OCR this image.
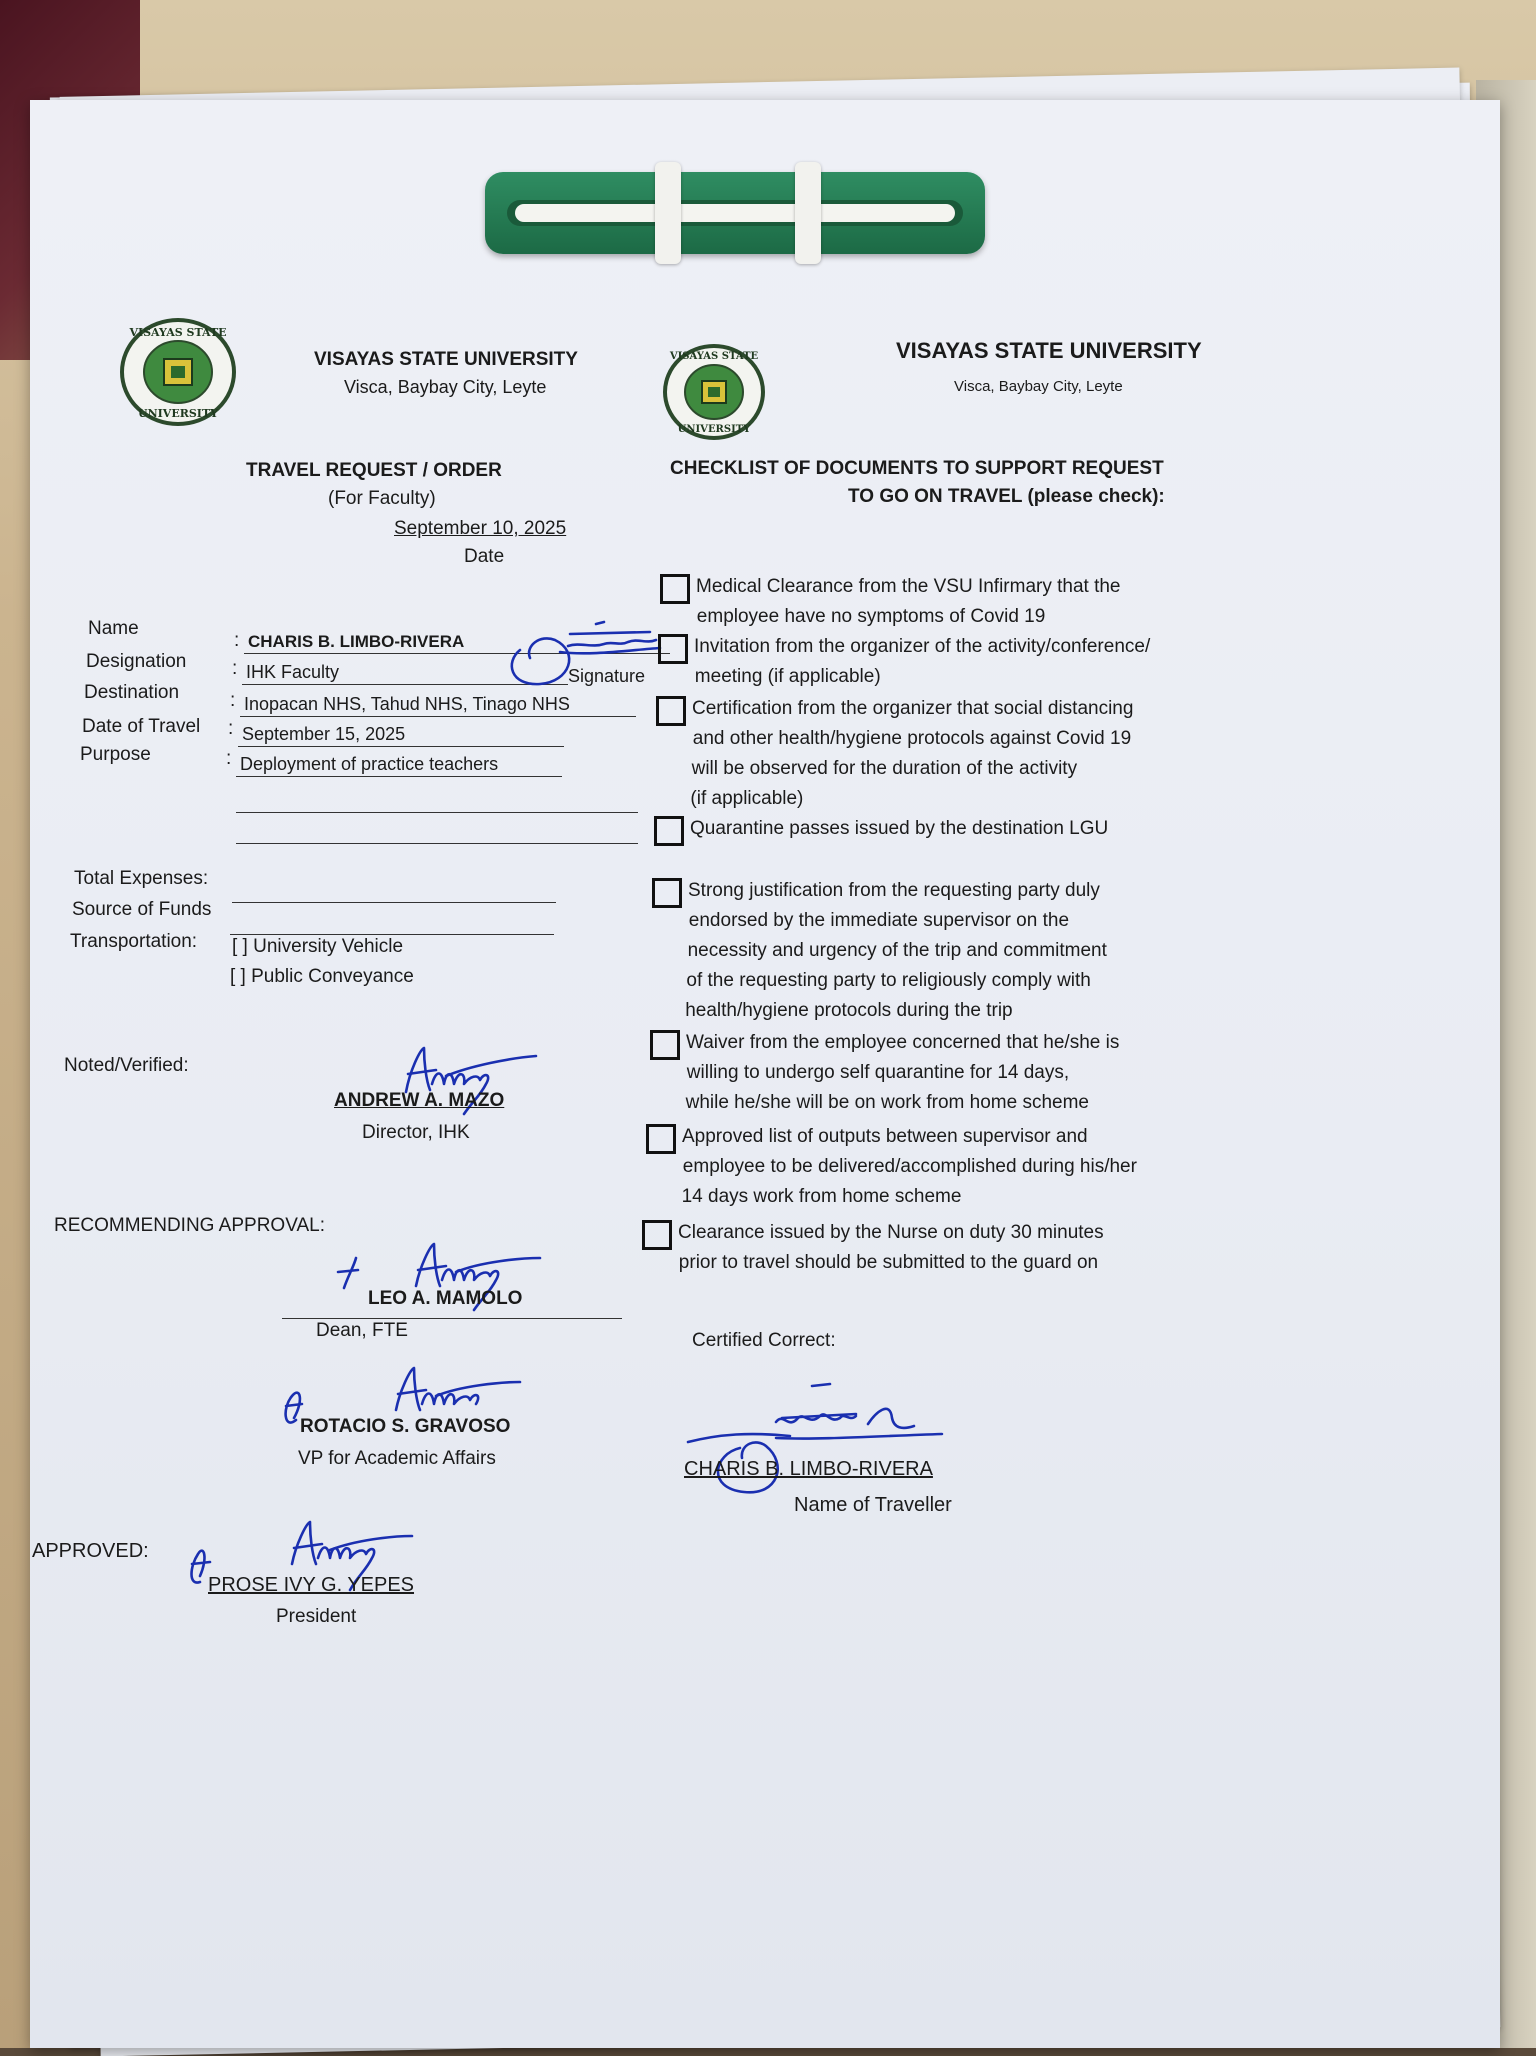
VISAYAS STATE
UNIVERSITY
VISAYAS STATE
UNIVERSITY
VISAYAS STATE UNIVERSITY
Visca, Baybay City, Leyte
TRAVEL REQUEST / ORDER
(For Faculty)
September 10, 2025
Date
VISAYAS STATE UNIVERSITY
Visca, Baybay City, Leyte
CHECKLIST OF DOCUMENTS TO SUPPORT REQUEST
TO GO ON TRAVEL (please check):
Name
Designation
Destination
Date of Travel
Purpose
:
:
:
:
:
CHARIS B. LIMBO-RIVERA
IHK Faculty	Signature
Inopacan NHS, Tahud NHS, Tinago NHS
September 15, 2025
Deployment of practice teachers
Total Expenses:
Source of Funds
Transportation: [ ] University Vehicle
[ ] Public Conveyance
Noted/Verified:
ANDREW A. MAZO
Director, IHK
RECOMMENDING APPROVAL:
LEO A. MAMOLO
Dean, FTE
ROTACIO S. GRAVOSO
VP for Academic Affairs
APPROVED:
PROSE IVY G. YEPES
President
Medical Clearance from the VSU Infirmary that the
employee have no symptoms of Covid 19
Invitation from the organizer of the activity/conference/
meeting (if applicable)
Certification from the organizer that social distancing
and other health/hygiene protocols against Covid 19
will be observed for the duration of the activity
(if applicable)
Quarantine passes issued by the destination LGU
Strong justification from the requesting party duly
endorsed by the immediate supervisor on the
necessity and urgency of the trip and commitment
of the requesting party to religiously comply with
health/hygiene protocols during the trip
Waiver from the employee concerned that he/she is
willing to undergo self quarantine for 14 days,
while he/she will be on work from home scheme
Approved list of outputs between supervisor and
employee to be delivered/accomplished during his/her
14 days work from home scheme
Clearance issued by the Nurse on duty 30 minutes
prior to travel should be submitted to the guard on
Certified Correct:
CHARIS B. LIMBO-RIVERA
Name of Traveller
